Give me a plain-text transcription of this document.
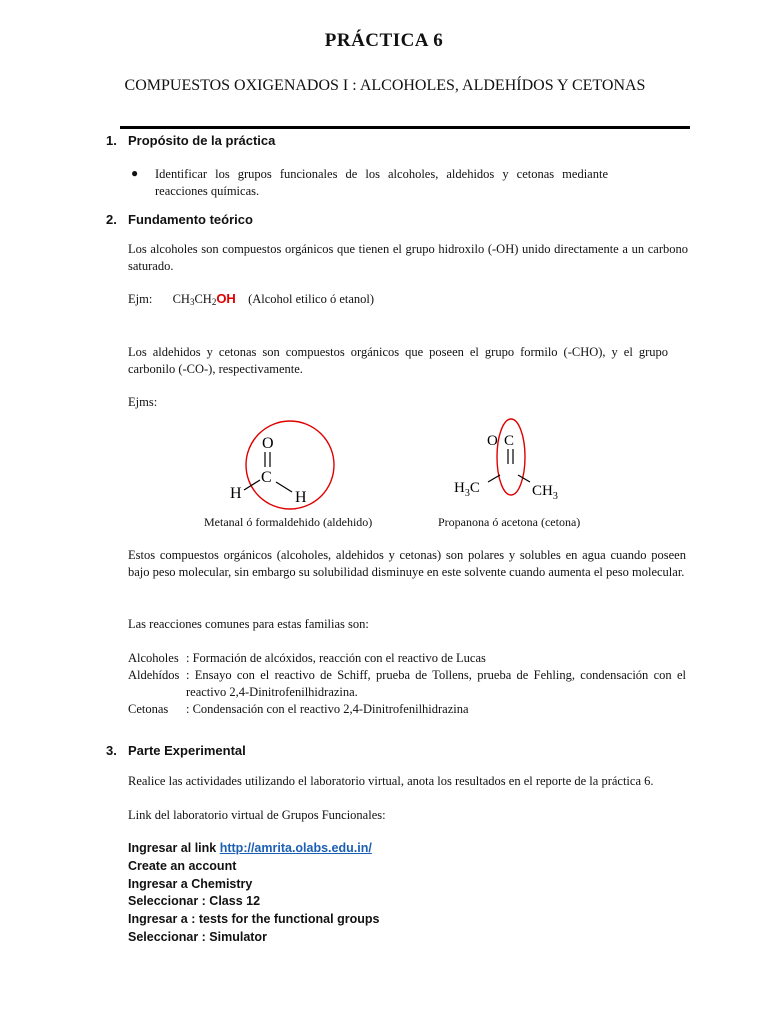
PRÁCTICA 6
COMPUESTOS OXIGENADOS I : ALCOHOLES, ALDEHÍDOS Y CETONAS
1. Propósito de la práctica
● Identificar los grupos funcionales de los alcoholes, aldehidos y cetonas mediante reacciones químicas.
2. Fundamento teórico
Los alcoholes son compuestos orgánicos que tienen el grupo hidroxilo (-OH) unido directamente a un carbono saturado.
Ejm: $CH_3CH_2OH$ (Alcohol etilico ó etanol)
Los aldehidos y cetonas son compuestos orgánicos que poseen el grupo formilo (-CHO), y el grupo carbonilo (-CO-), respectivamente.
Ejms:
O
C
H	H
Metanal ó formaldehido (aldehido)
O C
$H_3C$	$CH_3$
Propanona ó acetona (cetona)
Estos compuestos orgánicos (alcoholes, aldehidos y cetonas) son polares y solubles en agua cuando poseen bajo peso molecular, sin embargo su solubilidad disminuye en este solvente cuando aumenta el peso molecular.
Las reacciones comunes para estas familias son:
Alcoholes : Formación de alcóxidos, reacción con el reactivo de Lucas
Aldehídos : Ensayo con el reactivo de Schiff, prueba de Tollens, prueba de Fehling, condensación con el reactivo 2,4-Dinitrofenilhidrazina.
Cetonas : Condensación con el reactivo 2,4-Dinitrofenilhidrazina
3. Parte Experimental
Realice las actividades utilizando el laboratorio virtual, anota los resultados en el reporte de la práctica 6.
Link del laboratorio virtual de Grupos Funcionales:
Ingresar al link http://amrita.olabs.edu.in/
Create an account
Ingresar a Chemistry
Seleccionar : Class 12
Ingresar a : tests for the functional groups
Seleccionar : Simulator
